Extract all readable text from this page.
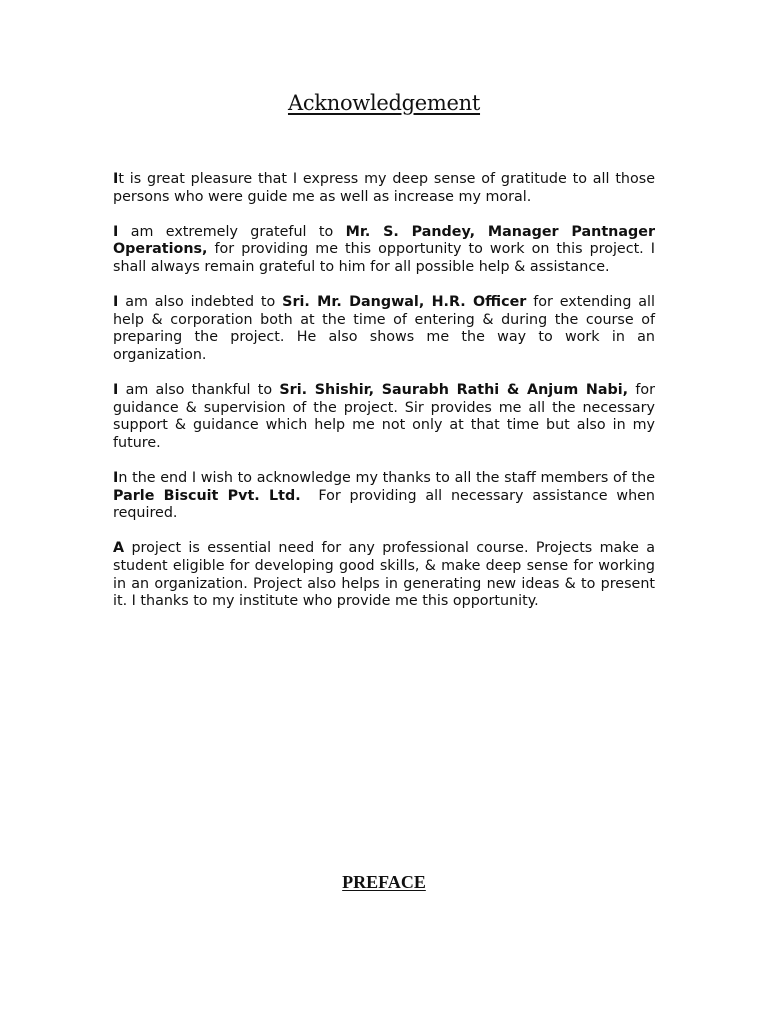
Acknowledgement

It is great pleasure that I express my deep sense of gratitude to all those persons who were guide me as well as increase my moral.

I am extremely grateful to Mr. S. Pandey, Manager Pantnager Operations, for providing me this opportunity to work on this project. I shall always remain grateful to him for all possible help & assistance.

I am also indebted to Sri. Mr. Dangwal, H.R. Officer for extending all help & corporation both at the time of entering & during the course of preparing the project. He also shows me the way to work in an organization.

I am also thankful to Sri. Shishir, Saurabh Rathi & Anjum Nabi, for guidance & supervision of the project. Sir provides me all the necessary support & guidance which help me not only at that time but also in my future.

In the end I wish to acknowledge my thanks to all the staff members of the Parle Biscuit Pvt. Ltd.  For providing all necessary assistance when required.

A project is essential need for any professional course. Projects make a student eligible for developing good skills, & make deep sense for working in an organization. Project also helps in generating new ideas & to present it. I thanks to my institute who provide me this opportunity.

PREFACE
